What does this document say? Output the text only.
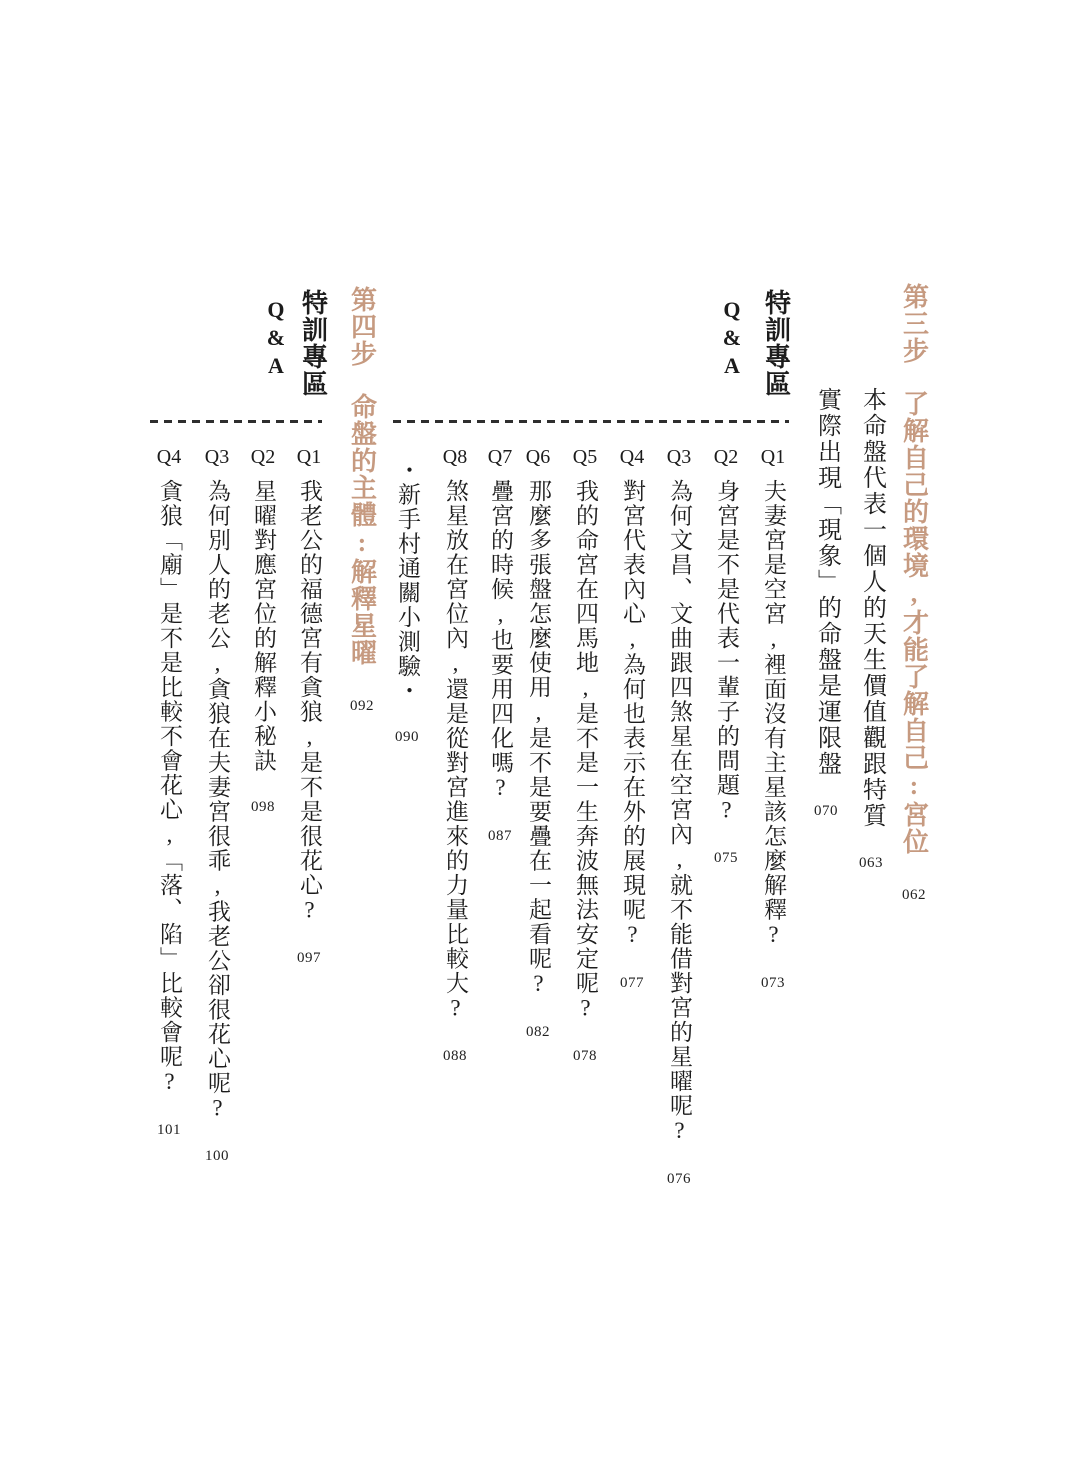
第三步了解自己的環境,才能了解自己:宮位
062
本命盤代表一個人的天生價值觀跟特質
063
實際出現「現象」的命盤是運限盤
070
特訓專區
Q&A
Q1
夫妻宮是空宮,裡面沒有主星該怎麼解釋?
073
Q2
身宮是不是代表一輩子的問題?
075
Q3
為何文昌、文曲跟四煞星在空宮內,就不能借對宮的星曜呢?
076
Q4
對宮代表內心,為何也表示在外的展現呢?
077
Q5
我的命宮在四馬地,是不是一生奔波無法安定呢?
078
Q6
那麼多張盤怎麼使用,是不是要疊在一起看呢?
082
Q7
疊宮的時候,也要用四化嗎?
087
Q8
煞星放在宮位內,還是從對宮進來的力量比較大?
088
・新手村通關小測驗・
090
第四步命盤的主體:解釋星曜
092
特訓專區
Q&A
Q1
我老公的福德宮有貪狼,是不是很花心?
097
Q2
星曜對應宮位的解釋小秘訣
098
Q3
為何別人的老公,貪狼在夫妻宮很乖,我老公卻很花心呢?
100
Q4
貪狼「廟」是不是比較不會花心,「落、陷」比較會呢?
101
